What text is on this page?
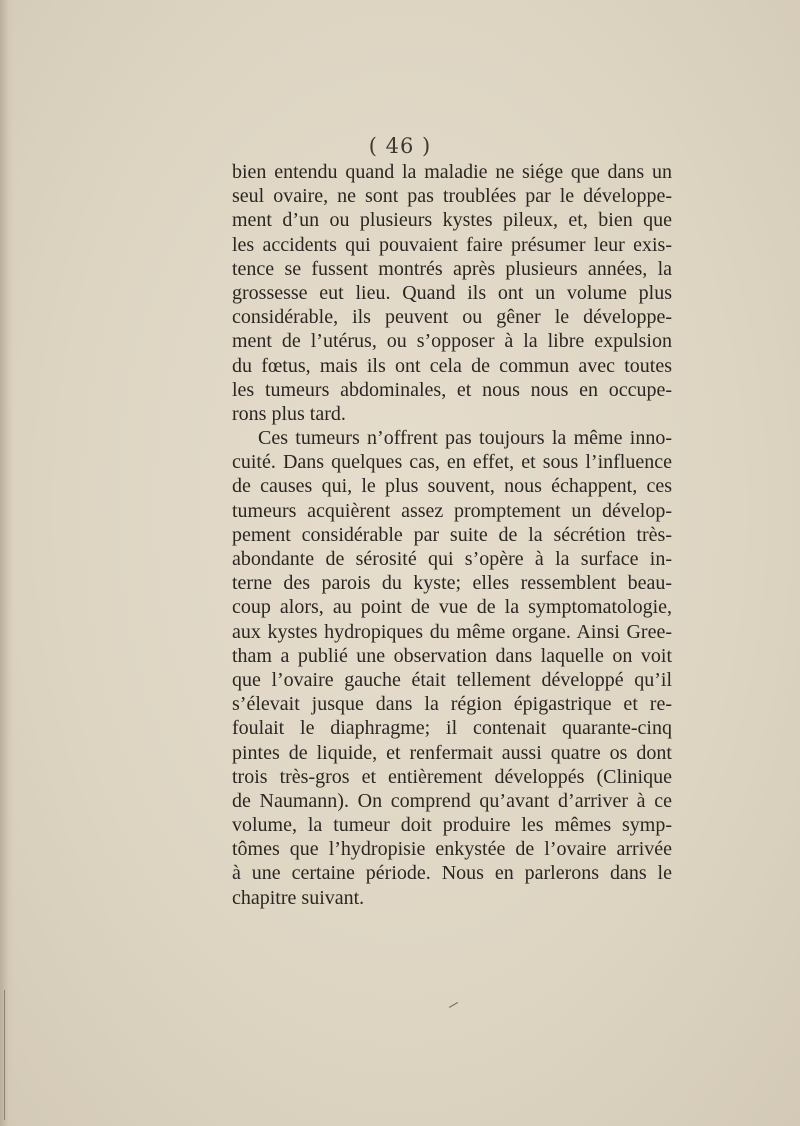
( 46 )
bien entendu quand la maladie ne siége que dans un
seul ovaire, ne sont pas troublées par le développe-
ment d’un ou plusieurs kystes pileux, et, bien que
les accidents qui pouvaient faire présumer leur exis-
tence se fussent montrés après plusieurs années, la
grossesse eut lieu. Quand ils ont un volume plus
considérable, ils peuvent ou gêner le développe-
ment de l’utérus, ou s’opposer à la libre expulsion
du fœtus, mais ils ont cela de commun avec toutes
les tumeurs abdominales, et nous nous en occupe-
rons plus tard.
Ces tumeurs n’offrent pas toujours la même inno-
cuité. Dans quelques cas, en effet, et sous l’influence
de causes qui, le plus souvent, nous échappent, ces
tumeurs acquièrent assez promptement un dévelop-
pement considérable par suite de la sécrétion très-
abondante de sérosité qui s’opère à la surface in-
terne des parois du kyste; elles ressemblent beau-
coup alors, au point de vue de la symptomatologie,
aux kystes hydropiques du même organe. Ainsi Gree-
tham a publié une observation dans laquelle on voit
que l’ovaire gauche était tellement développé qu’il
s’élevait jusque dans la région épigastrique et re-
foulait le diaphragme; il contenait quarante-cinq
pintes de liquide, et renfermait aussi quatre os dont
trois très-gros et entièrement développés (Clinique
de Naumann). On comprend qu’avant d’arriver à ce
volume, la tumeur doit produire les mêmes symp-
tômes que l’hydropisie enkystée de l’ovaire arrivée
à une certaine période. Nous en parlerons dans le
chapitre suivant.
